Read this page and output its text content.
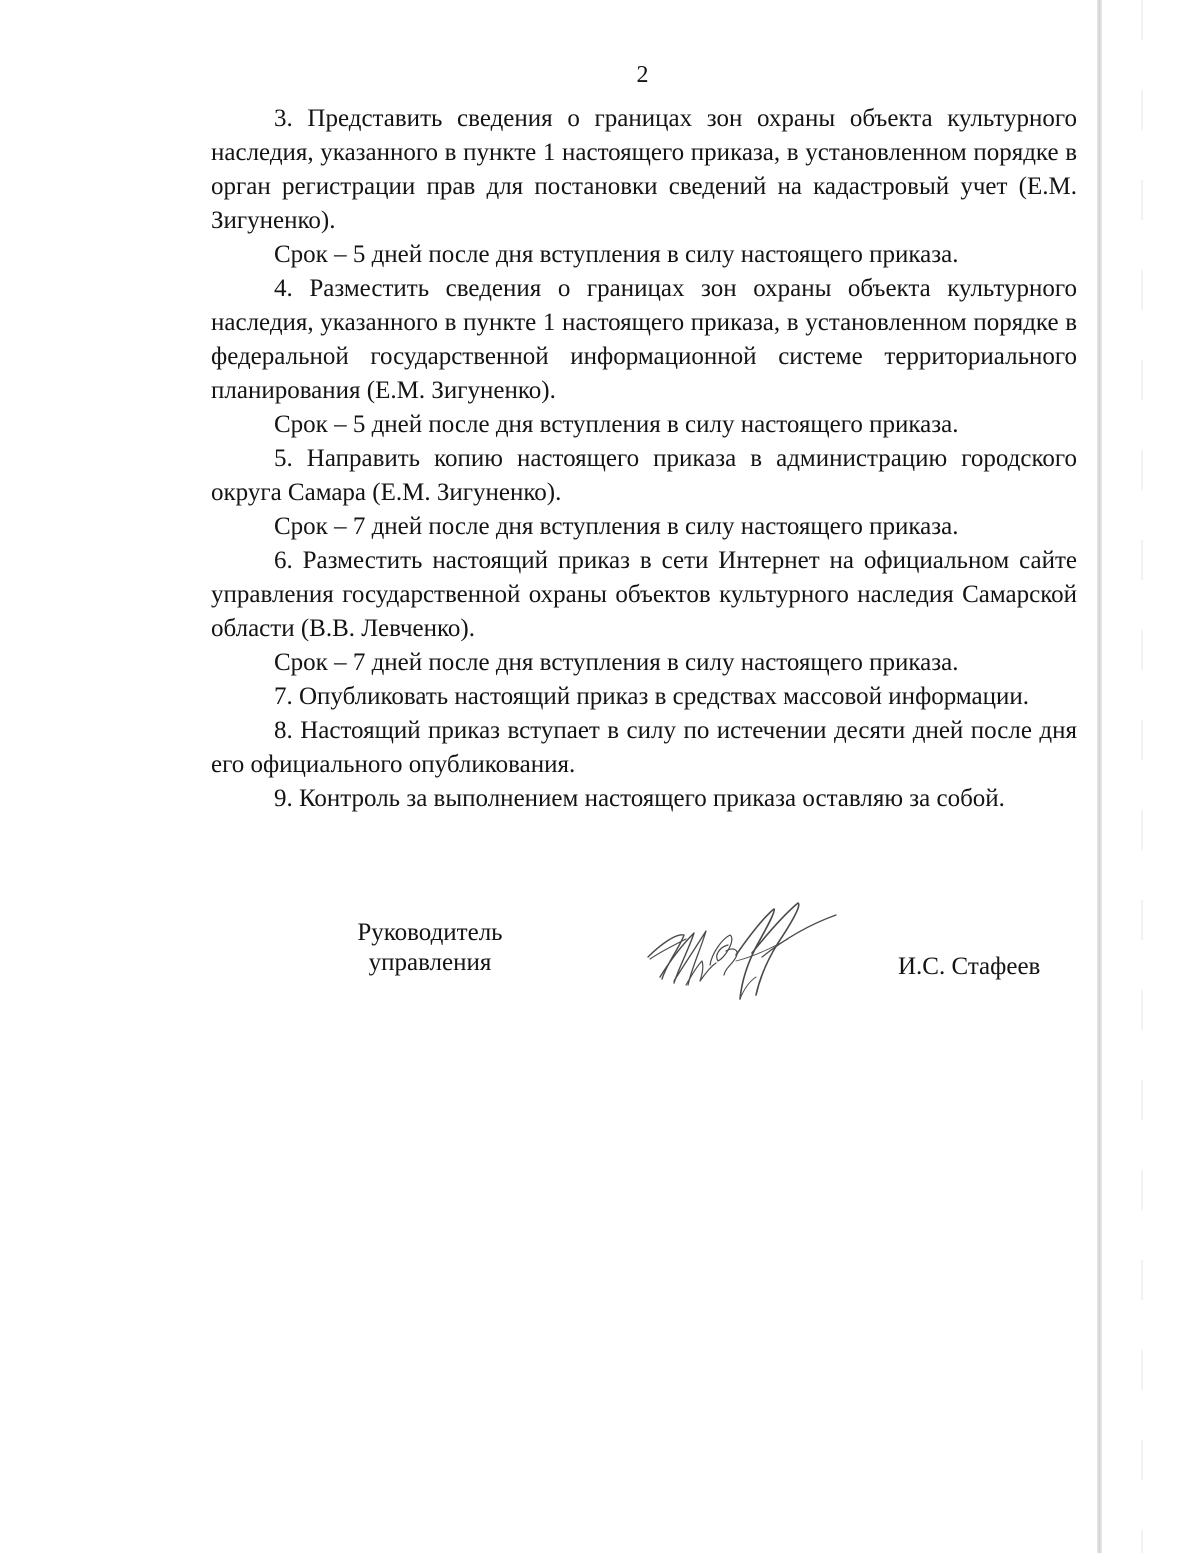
2

3. Представить сведения о границах зон охраны объекта культурного наследия, указанного в пункте 1 настоящего приказа, в установленном порядке в орган регистрации прав для постановки сведений на кадастровый учет (Е.М. Зигуненко).

Срок – 5 дней после дня вступления в силу настоящего приказа.

4. Разместить сведения о границах зон охраны объекта культурного наследия, указанного в пункте 1 настоящего приказа, в установленном порядке в федеральной государственной информационной системе территориального планирования (Е.М. Зигуненко).

Срок – 5 дней после дня вступления в силу настоящего приказа.

5. Направить копию настоящего приказа в администрацию городского округа Самара (Е.М. Зигуненко).

Срок – 7 дней после дня вступления в силу настоящего приказа.

6. Разместить настоящий приказ в сети Интернет на официальном сайте управления государственной охраны объектов культурного наследия Самарской области (В.В. Левченко).

Срок – 7 дней после дня вступления в силу настоящего приказа.

7. Опубликовать настоящий приказ в средствах массовой информации.

8. Настоящий приказ вступает в силу по истечении десяти дней после дня его официального опубликования.

9. Контроль за выполнением настоящего приказа оставляю за собой.

Руководитель
управления	И.С. Стафеев
